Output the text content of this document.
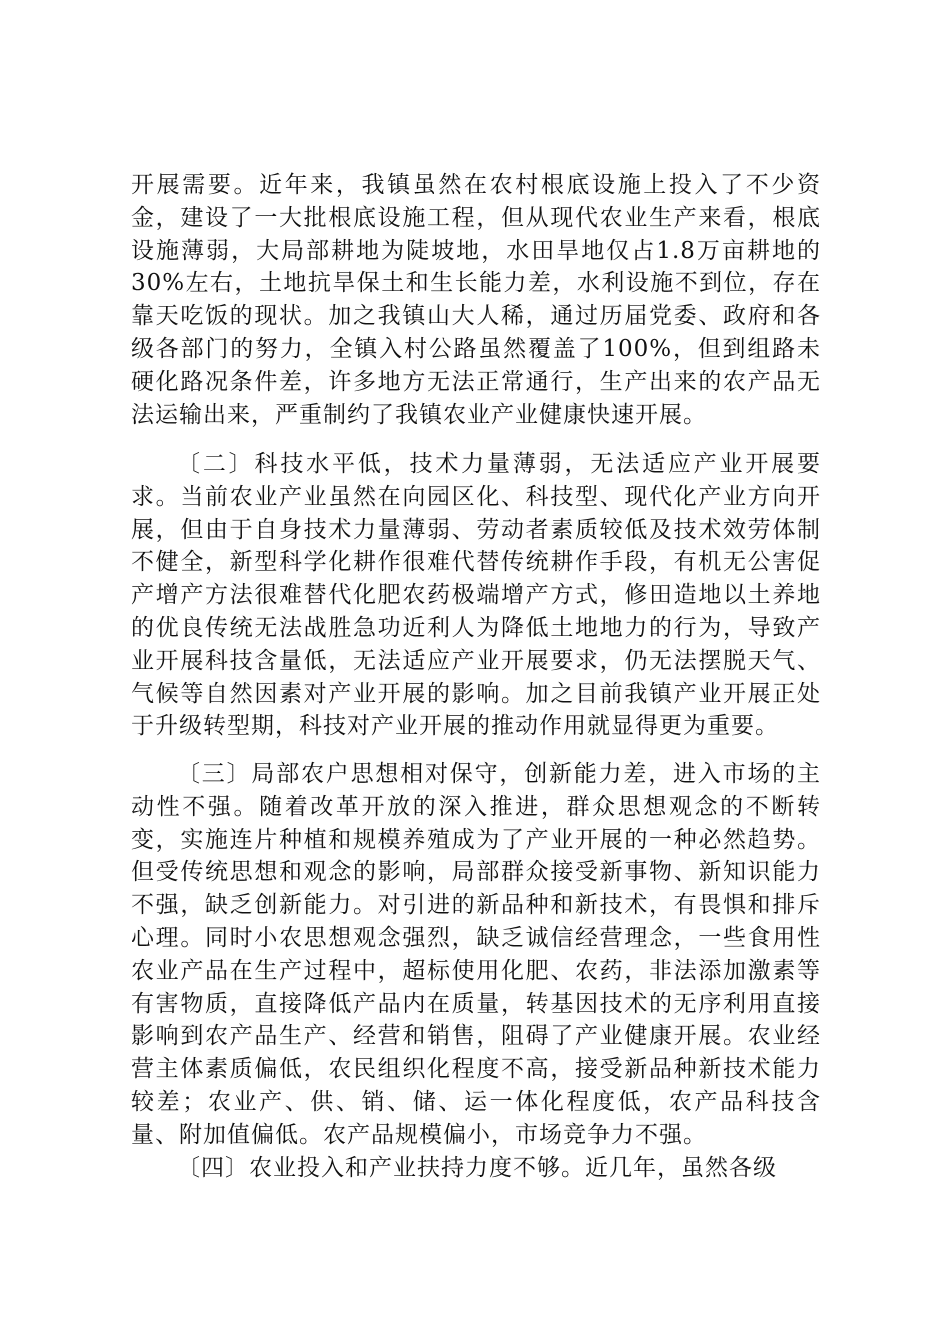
开展需要。近年来，我镇虽然在农村根底设施上投入了不少资金，建设了一大批根底设施工程，但从现代农业生产来看，根底设施薄弱，大局部耕地为陡坡地，水田旱地仅占1.8万亩耕地的30%左右，土地抗旱保土和生长能力差，水利设施不到位，存在靠天吃饭的现状。加之我镇山大人稀，通过历届党委、政府和各级各部门的努力，全镇入村公路虽然覆盖了100%，但到组路未硬化路况条件差，许多地方无法正常通行，生产出来的农产品无法运输出来，严重制约了我镇农业产业健康快速开展。

〔二〕科技水平低，技术力量薄弱，无法适应产业开展要求。当前农业产业虽然在向园区化、科技型、现代化产业方向开展，但由于自身技术力量薄弱、劳动者素质较低及技术效劳体制不健全，新型科学化耕作很难代替传统耕作手段，有机无公害促产增产方法很难替代化肥农药极端增产方式，修田造地以土养地的优良传统无法战胜急功近利人为降低土地地力的行为，导致产业开展科技含量低，无法适应产业开展要求，仍无法摆脱天气、气候等自然因素对产业开展的影响。加之目前我镇产业开展正处于升级转型期，科技对产业开展的推动作用就显得更为重要。

〔三〕局部农户思想相对保守，创新能力差，进入市场的主动性不强。随着改革开放的深入推进，群众思想观念的不断转变，实施连片种植和规模养殖成为了产业开展的一种必然趋势。但受传统思想和观念的影响，局部群众接受新事物、新知识能力不强，缺乏创新能力。对引进的新品种和新技术，有畏惧和排斥心理。同时小农思想观念强烈，缺乏诚信经营理念，一些食用性农业产品在生产过程中，超标使用化肥、农药，非法添加激素等有害物质，直接降低产品内在质量，转基因技术的无序利用直接影响到农产品生产、经营和销售，阻碍了产业健康开展。农业经营主体素质偏低，农民组织化程度不高，接受新品种新技术能力较差；农业产、供、销、储、运一体化程度低，农产品科技含量、附加值偏低。农产品规模偏小，市场竞争力不强。

〔四〕农业投入和产业扶持力度不够。近几年，虽然各级
